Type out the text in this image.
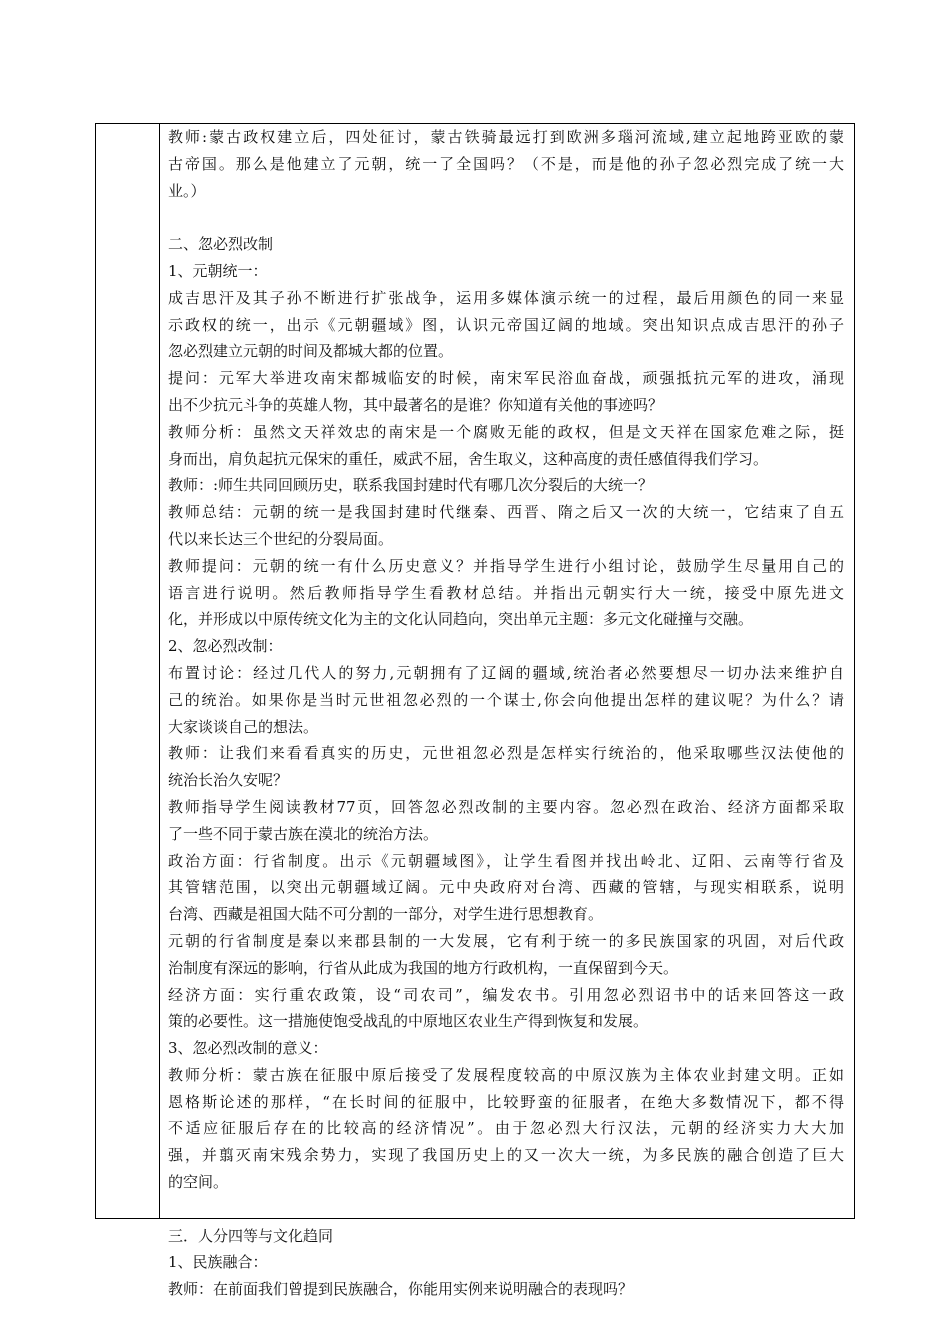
教师:蒙古政权建立后，四处征讨，蒙古铁骑最远打到欧洲多瑙河流域,建立起地跨亚欧的蒙
古帝国。那么是他建立了元朝，统一了全国吗？（不是，而是他的孙子忽必烈完成了统一大
业。）
二、忽必烈改制
1、元朝统一：
成吉思汗及其子孙不断进行扩张战争，运用多媒体演示统一的过程，最后用颜色的同一来显
示政权的统一，出示《元朝疆域》图，认识元帝国辽阔的地域。突出知识点成吉思汗的孙子
忽必烈建立元朝的时间及都城大都的位置。
提问：元军大举进攻南宋都城临安的时候，南宋军民浴血奋战，顽强抵抗元军的进攻，涌现
出不少抗元斗争的英雄人物，其中最著名的是谁？你知道有关他的事迹吗？
教师分析：虽然文天祥效忠的南宋是一个腐败无能的政权，但是文天祥在国家危难之际，挺
身而出，肩负起抗元保宋的重任，威武不屈，舍生取义，这种高度的责任感值得我们学习。
教师：:师生共同回顾历史，联系我国封建时代有哪几次分裂后的大统一？
教师总结：元朝的统一是我国封建时代继秦、西晋、隋之后又一次的大统一，它结束了自五
代以来长达三个世纪的分裂局面。
教师提问：元朝的统一有什么历史意义？并指导学生进行小组讨论，鼓励学生尽量用自己的
语言进行说明。然后教师指导学生看教材总结。并指出元朝实行大一统，接受中原先进文
化，并形成以中原传统文化为主的文化认同趋向，突出单元主题：多元文化碰撞与交融。
2、忽必烈改制：
布置讨论：经过几代人的努力,元朝拥有了辽阔的疆域,统治者必然要想尽一切办法来维护自
己的统治。如果你是当时元世祖忽必烈的一个谋士,你会向他提出怎样的建议呢？为什么？请
大家谈谈自己的想法。
教师：让我们来看看真实的历史，元世祖忽必烈是怎样实行统治的，他采取哪些汉法使他的
统治长治久安呢？
教师指导学生阅读教材77页，回答忽必烈改制的主要内容。忽必烈在政治、经济方面都采取
了一些不同于蒙古族在漠北的统治方法。
政治方面：行省制度。出示《元朝疆域图》，让学生看图并找出岭北、辽阳、云南等行省及
其管辖范围，以突出元朝疆域辽阔。元中央政府对台湾、西藏的管辖，与现实相联系，说明
台湾、西藏是祖国大陆不可分割的一部分，对学生进行思想教育。
元朝的行省制度是秦以来郡县制的一大发展，它有利于统一的多民族国家的巩固，对后代政
治制度有深远的影响，行省从此成为我国的地方行政机构，一直保留到今天。
经济方面：实行重农政策，设“司农司”，编发农书。引用忽必烈诏书中的话来回答这一政
策的必要性。这一措施使饱受战乱的中原地区农业生产得到恢复和发展。
3、忽必烈改制的意义：
教师分析：蒙古族在征服中原后接受了发展程度较高的中原汉族为主体农业封建文明。正如
恩格斯论述的那样，“在长时间的征服中，比较野蛮的征服者，在绝大多数情况下，都不得
不适应征服后存在的比较高的经济情况”。由于忽必烈大行汉法，元朝的经济实力大大加
强，并翦灭南宋残余势力，实现了我国历史上的又一次大一统，为多民族的融合创造了巨大
的空间。
三．人分四等与文化趋同
1、民族融合：
教师：在前面我们曾提到民族融合，你能用实例来说明融合的表现吗？
